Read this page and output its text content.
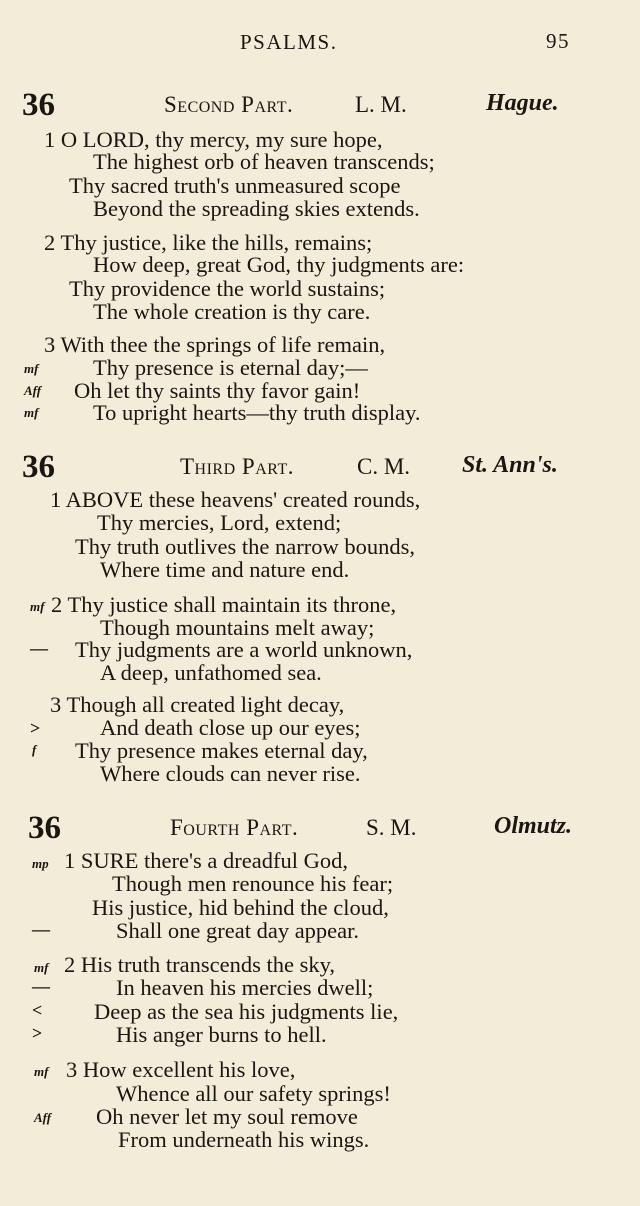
PSALMS.	95
36	Second Part.	L. M.	Hague.
1 O LORD, thy mercy, my sure hope,
The highest orb of heaven transcends;
Thy sacred truth's unmeasured scope
Beyond the spreading skies extends.
2 Thy justice, like the hills, remains;
How deep, great God, thy judgments are:
Thy providence the world sustains;
The whole creation is thy care.
3 With thee the springs of life remain,
mf Thy presence is eternal day;—
Aff Oh let thy saints thy favor gain!
mf To upright hearts—thy truth display.
36	Third Part.	C. M. St. Ann's.
1 ABOVE these heavens' created rounds,
Thy mercies, Lord, extend;
Thy truth outlives the narrow bounds,
Where time and nature end.
mf 2 Thy justice shall maintain its throne,
Though mountains melt away;
— Thy judgments are a world unknown,
A deep, unfathomed sea.
3 Though all created light decay,
>	And death close up our eyes;
f Thy presence makes eternal day,
Where clouds can never rise.
36	Fourth Part.	S. M.	Olmutz.
mp 1 SURE there's a dreadful God,
Though men renounce his fear;
His justice, hid behind the cloud,
—	Shall one great day appear.
mf 2 His truth transcends the sky,
—	In heaven his mercies dwell;
< Deep as the sea his judgments lie,
>	His anger burns to hell.
mf 3 How excellent his love,
Whence all our safety springs!
Aff Oh never let my soul remove
From underneath his wings.
